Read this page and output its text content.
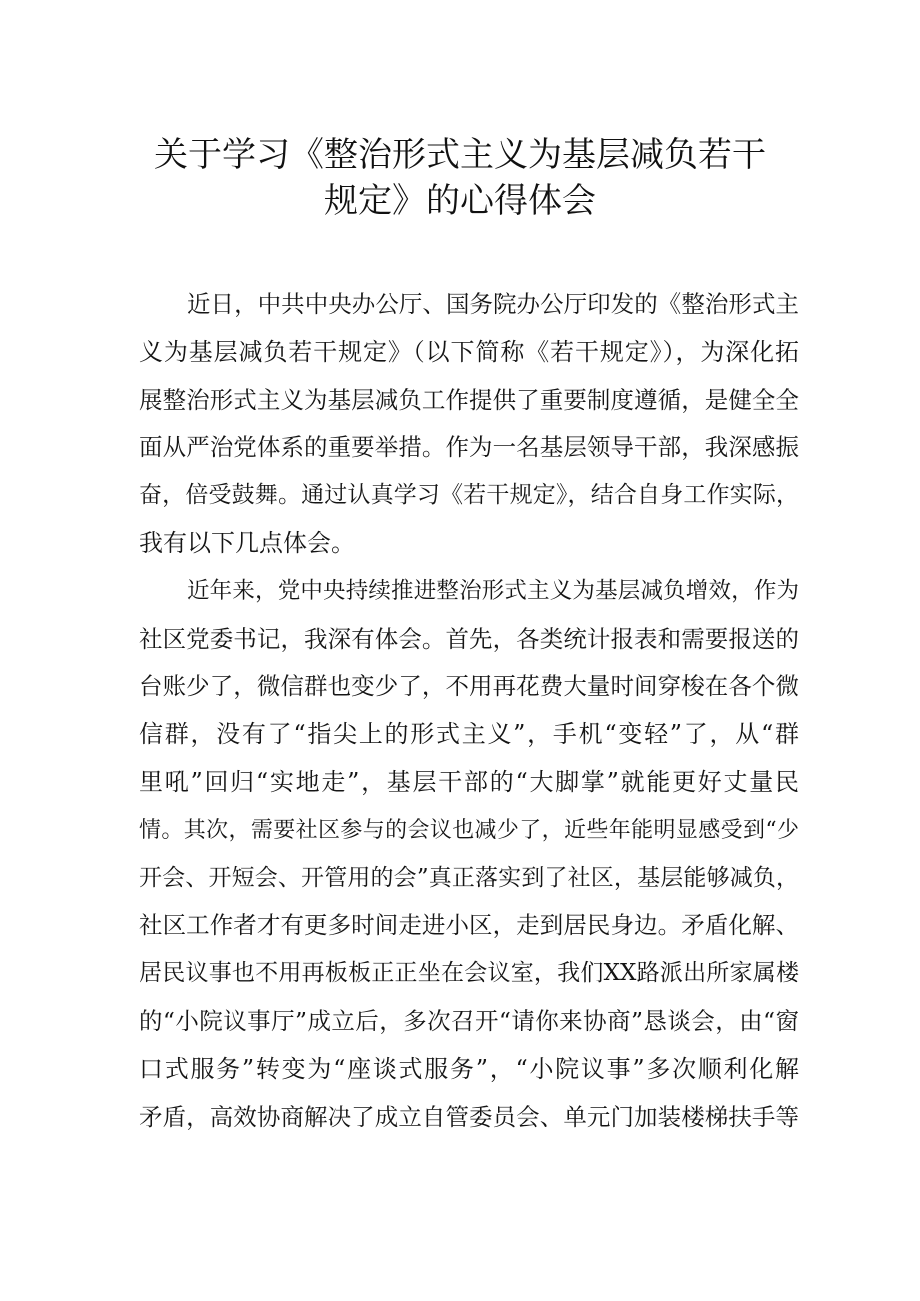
关于学习《整治形式主义为基层减负若干
规定》的心得体会
近日，中共中央办公厅、国务院办公厅印发的《整治形式主
义为基层减负若干规定》（以下简称《若干规定》），为深化拓
展整治形式主义为基层减负工作提供了重要制度遵循，是健全全
面从严治党体系的重要举措。作为一名基层领导干部，我深感振
奋，倍受鼓舞。通过认真学习《若干规定》，结合自身工作实际，
我有以下几点体会。
近年来，党中央持续推进整治形式主义为基层减负增效，作为
社区党委书记，我深有体会。首先，各类统计报表和需要报送的
台账少了，微信群也变少了，不用再花费大量时间穿梭在各个微
信群，没有了“指尖上的形式主义”，手机“变轻”了，从“群
里吼”回归“实地走”，基层干部的“大脚掌”就能更好丈量民
情。其次，需要社区参与的会议也减少了，近些年能明显感受到“少
开会、开短会、开管用的会”真正落实到了社区，基层能够减负，
社区工作者才有更多时间走进小区，走到居民身边。矛盾化解、
居民议事也不用再板板正正坐在会议室，我们XX路派出所家属楼
的“小院议事厅”成立后，多次召开“请你来协商”恳谈会，由“窗
口式服务”转变为“座谈式服务”，“小院议事”多次顺利化解
矛盾，高效协商解决了成立自管委员会、单元门加装楼梯扶手等
